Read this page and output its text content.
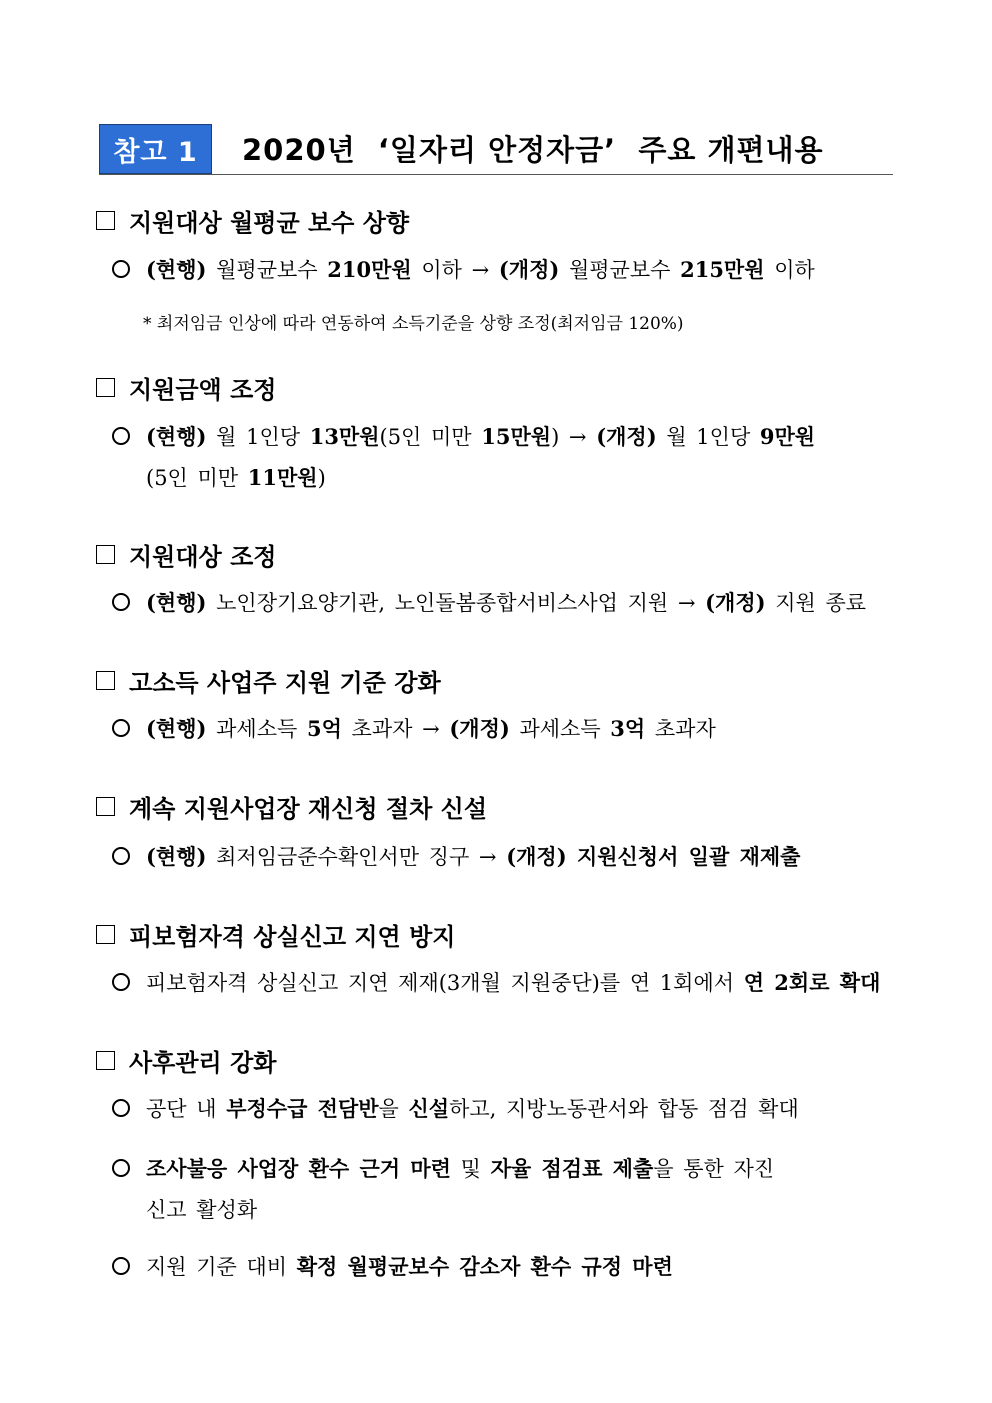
참고 1	2020년  ‘일자리 안정자금’  주요 개편내용
지원대상 월평균 보수 상향
(현행) 월평균보수 210만원 이하 → (개정) 월평균보수 215만원 이하
* 최저임금 인상에 따라 연동하여 소득기준을 상향 조정(최저임금 120%)
지원금액 조정
(현행) 월 1인당 13만원(5인 미만 15만원) → (개정) 월 1인당 9만원
(5인 미만 11만원)
지원대상 조정
(현행) 노인장기요양기관, 노인돌봄종합서비스사업 지원 → (개정) 지원 종료
고소득 사업주 지원 기준 강화
(현행) 과세소득 5억 초과자 → (개정) 과세소득 3억 초과자
계속 지원사업장 재신청 절차 신설
(현행) 최저임금준수확인서만 징구 → (개정) 지원신청서 일괄 재제출
피보험자격 상실신고 지연 방지
피보험자격 상실신고 지연 제재(3개월 지원중단)를 연 1회에서 연 2회로 확대
사후관리 강화
공단 내 부정수급 전담반을 신설하고, 지방노동관서와 합동 점검 확대
조사불응 사업장 환수 근거 마련 및 자율 점검표 제출을 통한 자진
신고 활성화
지원 기준 대비 확정 월평균보수 감소자 환수 규정 마련
